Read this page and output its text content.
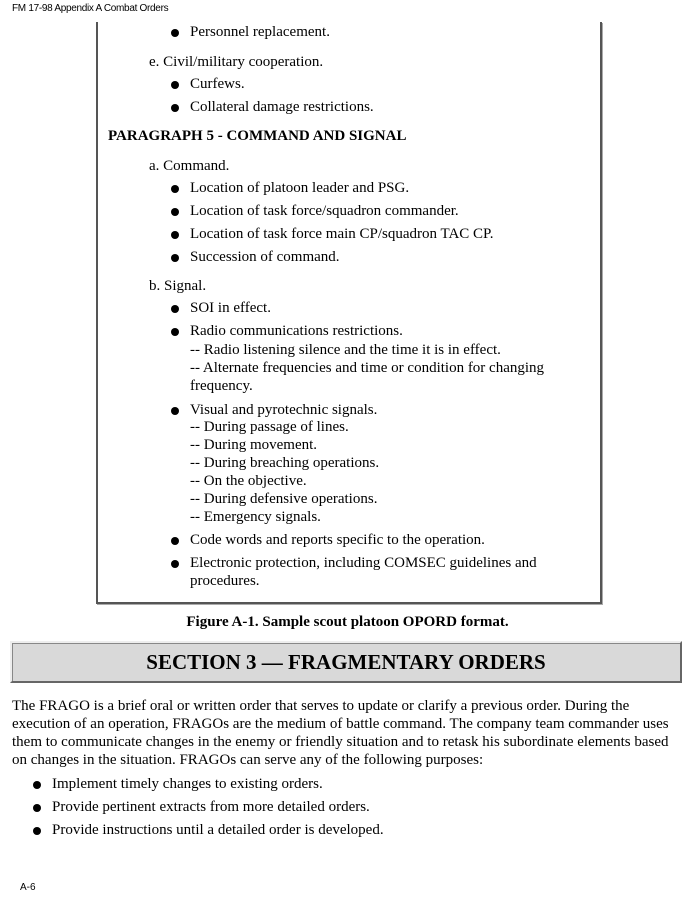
FM 17-98 Appendix A Combat Orders
Personnel replacement.
e. Civil/military cooperation.
Curfews.
Collateral damage restrictions.
PARAGRAPH 5 - COMMAND AND SIGNAL
a. Command.
Location of platoon leader and PSG.
Location of task force/squadron commander.
Location of task force main CP/squadron TAC CP.
Succession of command.
b. Signal.
SOI in effect.
Radio communications restrictions.
-- Radio listening silence and the time it is in effect.
-- Alternate frequencies and time or condition for changing
frequency.
Visual and pyrotechnic signals.
-- During passage of lines.
-- During movement.
-- During breaching operations.
-- On the objective.
-- During defensive operations.
-- Emergency signals.
Code words and reports specific to the operation.
Electronic protection, including COMSEC guidelines and
procedures.
Figure A-1. Sample scout platoon OPORD format.
SECTION 3 — FRAGMENTARY ORDERS
The FRAGO is a brief oral or written order that serves to update or clarify a previous order. During the execution of an operation, FRAGOs are the medium of battle command. The company team commander uses them to communicate changes in the enemy or friendly situation and to retask his subordinate elements based on changes in the situation. FRAGOs can serve any of the following purposes:
Implement timely changes to existing orders.
Provide pertinent extracts from more detailed orders.
Provide instructions until a detailed order is developed.
A-6
